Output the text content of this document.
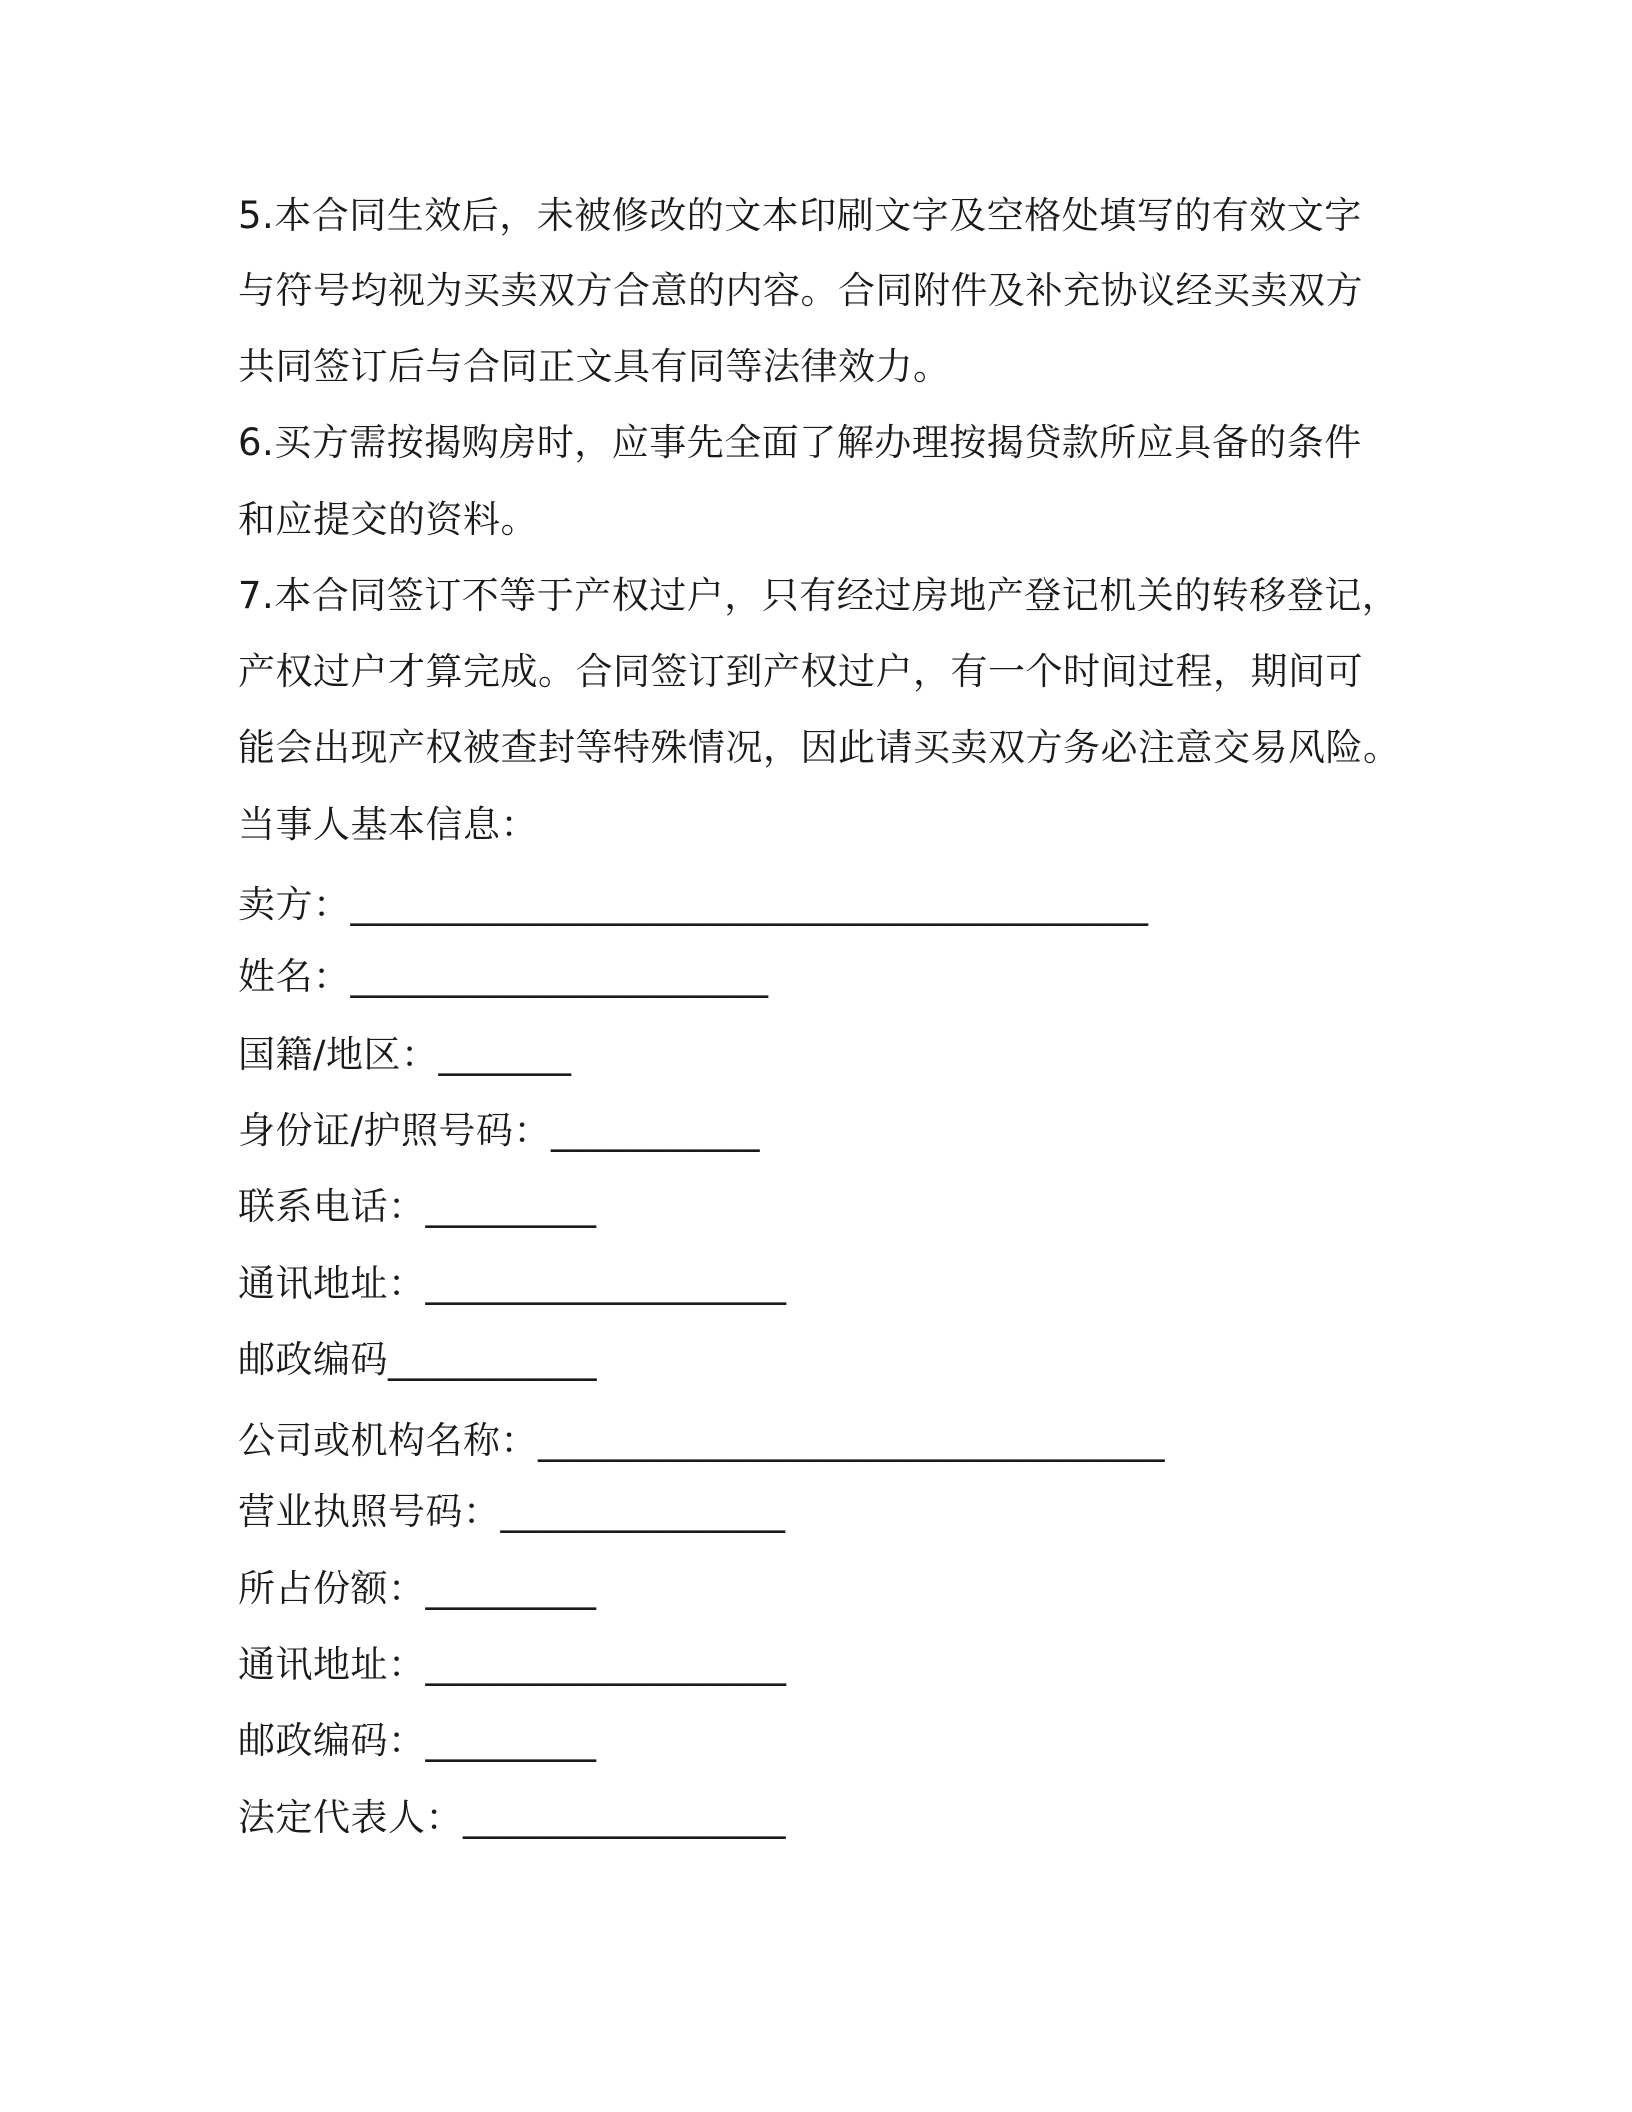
5.本合同生效后，未被修改的文本印刷文字及空格处填写的有效文字
与符号均视为买卖双方合意的内容。合同附件及补充协议经买卖双方
共同签订后与合同正文具有同等法律效力。
6.买方需按揭购房时，应事先全面了解办理按揭贷款所应具备的条件
和应提交的资料。
7.本合同签订不等于产权过户，只有经过房地产登记机关的转移登记，
产权过户才算完成。合同签订到产权过户，有一个时间过程，期间可
能会出现产权被查封等特殊情况，因此请买卖双方务必注意交易风险。
当事人基本信息：
卖方：__________________________________________
姓名：______________________
国籍/地区：_______
身份证/护照号码：___________
联系电话：_________
通讯地址：___________________
邮政编码___________
公司或机构名称：_________________________________
营业执照号码：_______________
所占份额：_________
通讯地址：___________________
邮政编码：_________
法定代表人：_________________
